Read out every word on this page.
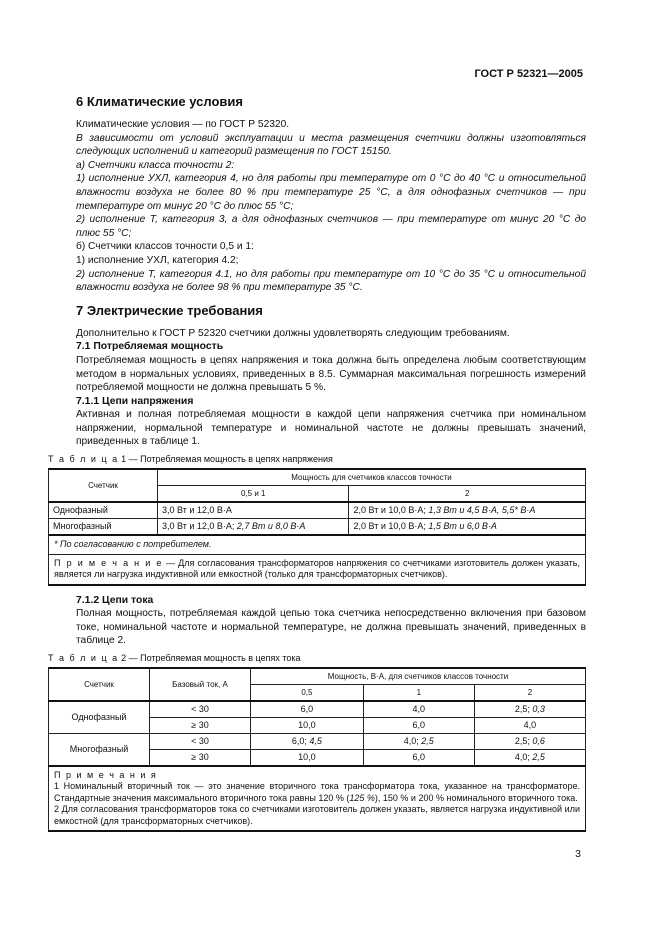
ГОСТ Р 52321—2005
6 Климатические условия

Климатические условия — по ГОСТ Р 52320.

В зависимости от условий эксплуатации и места размещения счетчики должны изготовляться следующих исполнений и категорий размещения по ГОСТ 15150.

а) Счетчики класса точности 2:

1) исполнение УХЛ, категория 4, но для работы при температуре от 0 °С до 40 °С и относительной влажности воздуха не более 80 % при температуре 25 °С, а для однофазных счетчиков — при температуре от минус 20 °С до плюс 55 °С;

2) исполнение Т, категория 3, а для однофазных счетчиков — при температуре от минус 20 °С до плюс 55 °С;

б) Счетчики классов точности 0,5 и 1:

1) исполнение УХЛ, категория 4.2;

2) исполнение Т, категория 4.1, но для работы при температуре от 10 °С до 35 °С и относительной влажности воздуха не более 98 % при температуре 35 °С.

7 Электрические требования

Дополнительно к ГОСТ Р 52320 счетчики должны удовлетворять следующим требованиям.

7.1 Потребляемая мощность

Потребляемая мощность в цепях напряжения и тока должна быть определена любым соответствующим методом в нормальных условиях, приведенных в 8.5. Суммарная максимальная погрешность измерений потребляемой мощности не должна превышать 5 %.

7.1.1 Цепи напряжения

Активная и полная потребляемая мощности в каждой цепи напряжения счетчика при номинальном напряжении, нормальной температуре и номинальной частоте не должны превышать значений, приведенных в таблице 1.

Т а б л и ц а 1 — Потребляемая мощность в цепях напряжения
Счетчик	Мощность для счетчиков классов точности	
	0,5 и 1	2
Однофазный	3,0 Вт и 12,0 В·А	2,0 Вт и 10,0 В·А; 1,3 Вт и 4,5 В·А, 5,5* В·А
Многофазный	3,0 Вт и 12,0 В·А; 2,7 Вт и 8,0 В·А	2,0 Вт и 10,0 В·А; 1,5 Вт и 6,0 В·А
* По согласованию с потребителем.		
П р и м е ч а н и е — Для согласования трансформаторов напряжения со счетчиками изготовитель должен указать, является ли нагрузка индуктивной или емкостной (только для трансформаторных счетчиков).		
7.1.2 Цепи тока

Полная мощность, потребляемая каждой цепью тока счетчика непосредственно включения при базовом токе, номинальной частоте и нормальной температуре, не должна превышать значений, приведенных в таблице 2.

Т а б л и ц а 2 — Потребляемая мощность в цепях тока
Счетчик	Базовый ток, А	Мощность, В·А, для счетчиков классов точности		
		0,5	1	2
Однофазный	< 30	6,0	4,0	2,5; 0,3
	≥ 30	10,0	6,0	4,0
Многофазный	< 30	6,0; 4,5	4,0; 2,5	2,5; 0,6
	≥ 30	10,0	6,0	4,0; 2,5

П р и м е ч а н и я
1 Номинальный вторичный ток — это значение вторичного тока трансформатора тока, указанное на трансформаторе. Стандартные значения максимального вторичного тока равны 120 % (125 %), 150 % и 200 % номинального вторичного тока.
2 Для согласования трансформаторов тока со счетчиками изготовитель должен указать, является нагрузка индуктивной или емкостной (для трансформаторных счетчиков).				
3
